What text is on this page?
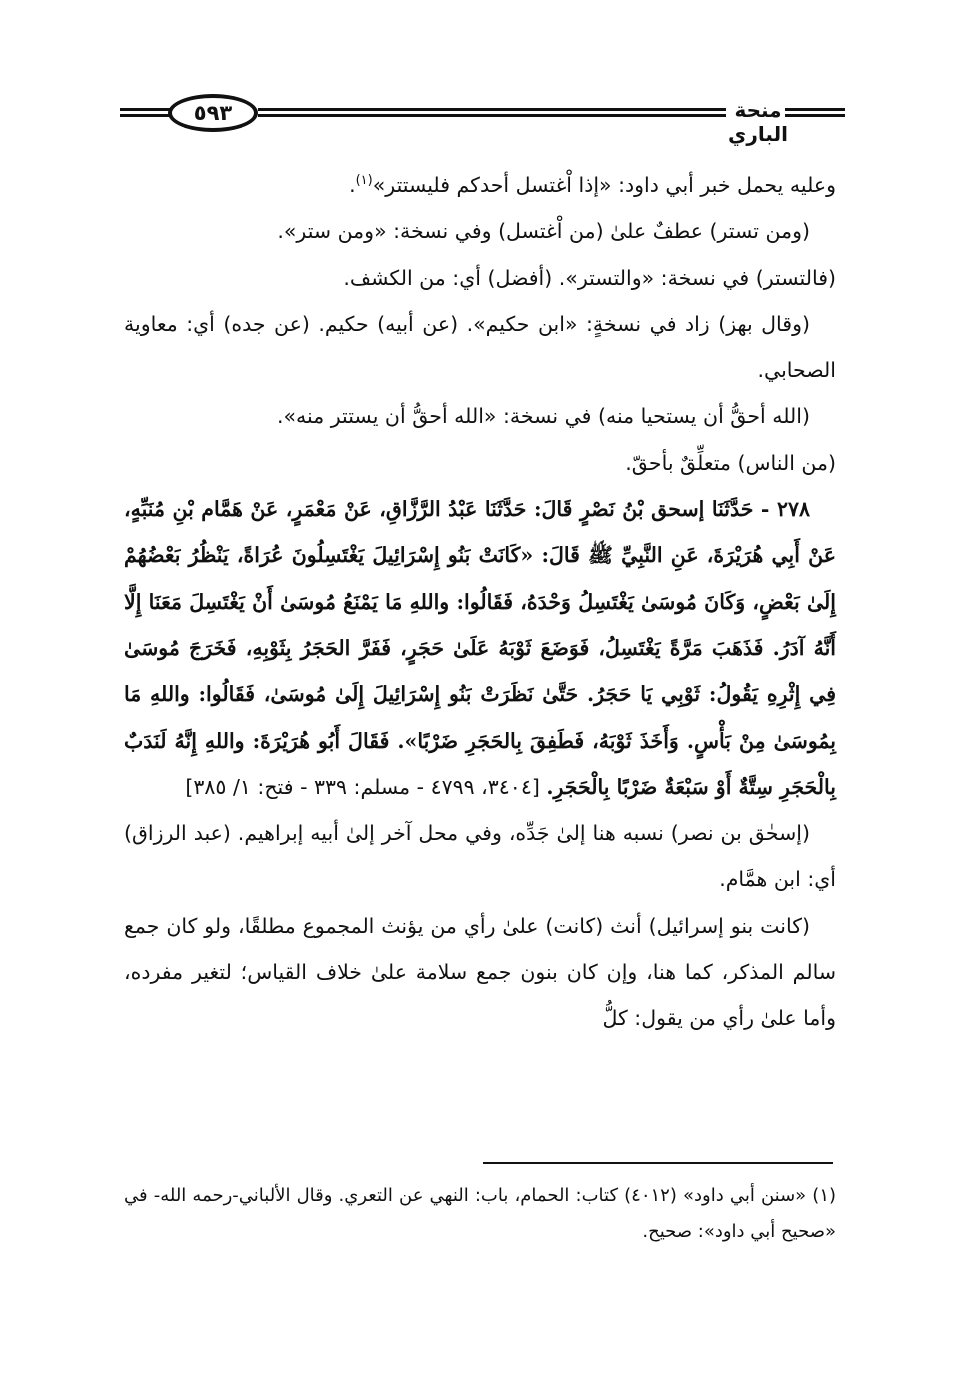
٥٩٣	منحة الباري

وعليه يحمل خبر أبي داود: «إذا اْغتسل أحدكم فليستتر»$^{(١)}$.

(ومن تستر) عطفٌ علىٰ (من اْغتسل) وفي نسخة: «ومن ستر».

(فالتستر) في نسخة: «والتستر». (أفضل) أي: من الكشف.

(وقال بهز) زاد في نسخةٍ: «ابن حكيم». (عن أبيه) حكيم. (عن جده) أي: معاوية الصحابي.

(الله أحقُّ أن يستحيا منه) في نسخة: «الله أحقُّ أن يستتر منه».

(من الناس) متعلِّقٌ بأحقّ.

٢٧٨ - حَدَّثَنَا إسحق بْنُ نَصْرٍ قَالَ: حَدَّثَنَا عَبْدُ الرَّزَّاقِ، عَنْ مَعْمَرٍ، عَنْ هَمَّام بْنِ مُنَبِّهٍ، عَنْ أَبِي هُرَيْرَةَ، عَنِ النَّبِيِّ ﷺ قَالَ: «كَانَتْ بَنُو إِسْرَائِيلَ يَغْتَسِلُونَ عُرَاةً، يَنْظُرُ بَعْضُهُمْ إِلَىٰ بَعْضٍ، وَكَانَ مُوسَىٰ يَغْتَسِلُ وَحْدَهُ، فَقَالُوا: واللهِ مَا يَمْنَعُ مُوسَىٰ أَنْ يَغْتَسِلَ مَعَنَا إِلَّا أَنَّهُ آدَرُ. فَذَهَبَ مَرَّةً يَغْتَسِلُ، فَوَضَعَ ثَوْبَهُ عَلَىٰ حَجَرٍ، فَفَرَّ الحَجَرُ بِثَوْبِهِ، فَخَرَجَ مُوسَىٰ فِي إِثْرِهِ يَقُولُ: ثَوْبِي يَا حَجَرُ. حَتَّىٰ نَظَرَتْ بَنُو إِسْرَائِيلَ إِلَىٰ مُوسَىٰ، فَقَالُوا: واللهِ مَا بِمُوسَىٰ مِنْ بَأْسٍ. وَأَخَذَ ثَوْبَهُ، فَطَفِقَ بِالحَجَرِ ضَرْبًا». فَقَالَ أَبُو هُرَيْرَةَ: واللهِ إِنَّهُ لَنَدَبٌ بِالْحَجَرِ سِتَّةٌ أَوْ سَبْعَةٌ ضَرْبًا بِالْحَجَرِ. [٣٤٠٤، ٤٧٩٩ - مسلم: ٣٣٩ - فتح: ١/ ٣٨٥]

(إسحٰق بن نصر) نسبه هنا إلىٰ جَدِّه، وفي محل آخر إلىٰ أبيه إبراهيم. (عبد الرزاق) أي: ابن همَّام.

(كانت بنو إسرائيل) أنث (كانت) علىٰ رأي من يؤنث المجموع مطلقًا، ولو كان جمع سالم المذكر، كما هنا، وإن كان بنون جمع سلامة علىٰ خلاف القياس؛ لتغير مفرده، وأما علىٰ رأي من يقول: كلُّ

(١) «سنن أبي داود» (٤٠١٢) كتاب: الحمام، باب: النهي عن التعري. وقال الألباني-رحمه الله- في «صحيح أبي داود»: صحيح.
